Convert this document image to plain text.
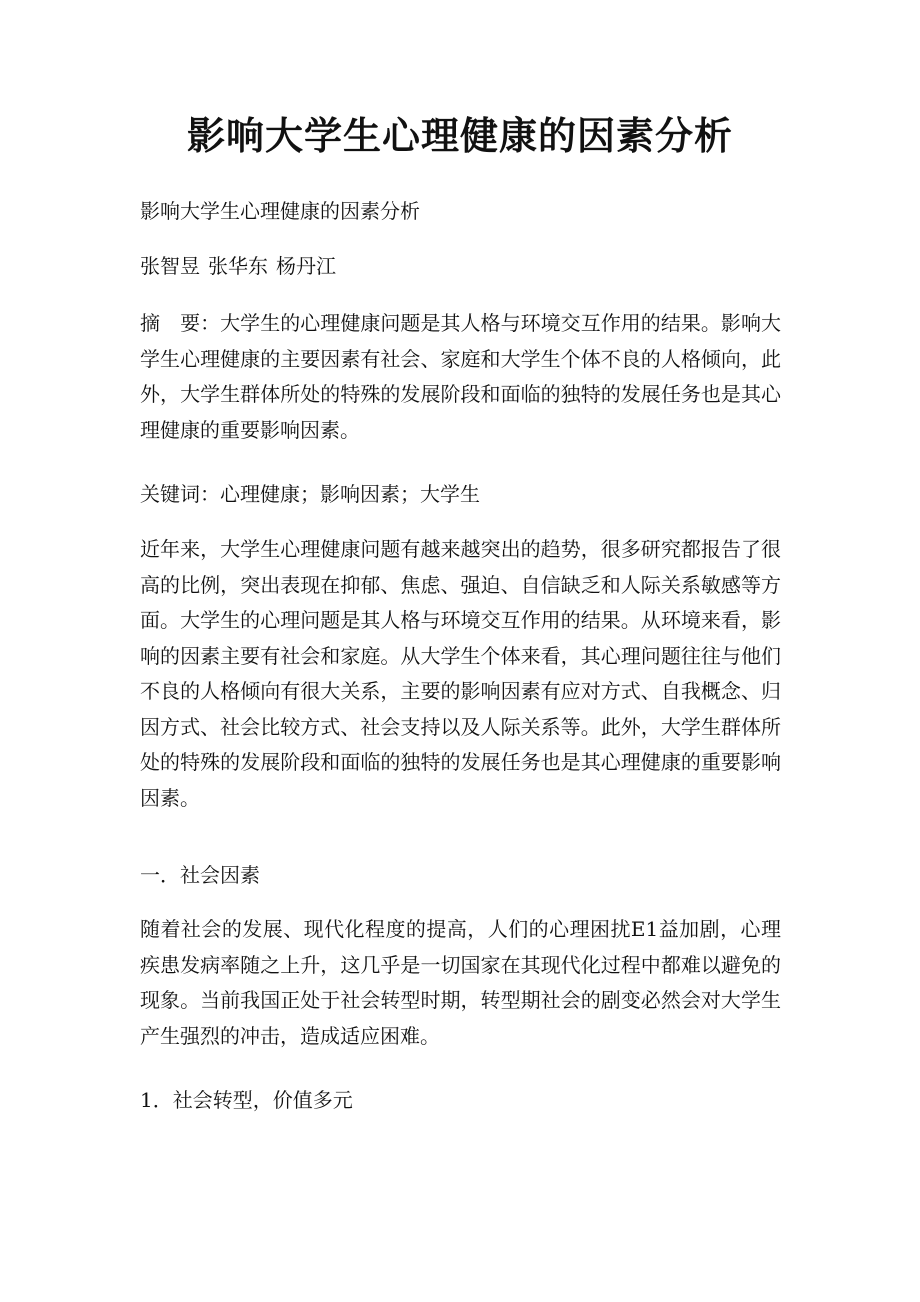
影响大学生心理健康的因素分析

影响大学生心理健康的因素分析

张智昱 张华东 杨丹江

摘　要：大学生的心理健康问题是其人格与环境交互作用的结果。影响大学生心理健康的主要因素有社会、家庭和大学生个体不良的人格倾向，此外，大学生群体所处的特殊的发展阶段和面临的独特的发展任务也是其心理健康的重要影响因素。

关键词：心理健康；影响因素；大学生

近年来，大学生心理健康问题有越来越突出的趋势，很多研究都报告了很高的比例，突出表现在抑郁、焦虑、强迫、自信缺乏和人际关系敏感等方面。大学生的心理问题是其人格与环境交互作用的结果。从环境来看，影响的因素主要有社会和家庭。从大学生个体来看，其心理问题往往与他们不良的人格倾向有很大关系，主要的影响因素有应对方式、自我概念、归因方式、社会比较方式、社会支持以及人际关系等。此外，大学生群体所处的特殊的发展阶段和面临的独特的发展任务也是其心理健康的重要影响因素。

一．社会因素

随着社会的发展、现代化程度的提高，人们的心理困扰E1益加剧，心理疾患发病率随之上升，这几乎是一切国家在其现代化过程中都难以避免的现象。当前我国正处于社会转型时期，转型期社会的剧变必然会对大学生产生强烈的冲击，造成适应困难。

1．社会转型，价值多元
